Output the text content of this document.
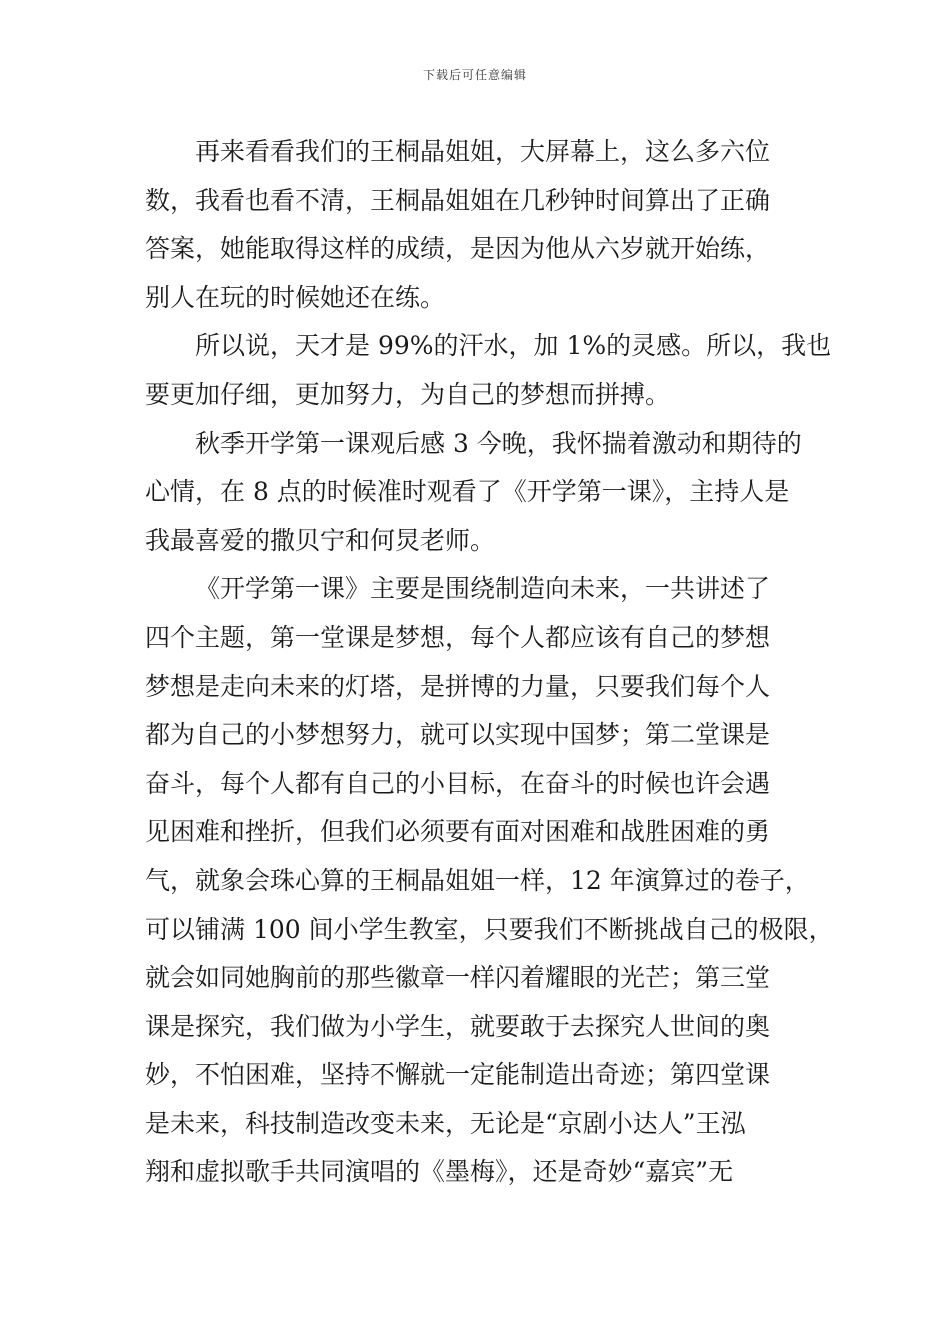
下载后可任意编辑
再来看看我们的王桐晶姐姐，大屏幕上，这么多六位
数，我看也看不清，王桐晶姐姐在几秒钟时间算出了正确
答案，她能取得这样的成绩，是因为他从六岁就开始练，
别人在玩的时候她还在练。
所以说，天才是 99%的汗水，加 1%的灵感。所以，我也
要更加仔细，更加努力，为自己的梦想而拼搏。
秋季开学第一课观后感 3 今晚，我怀揣着激动和期待的
心情，在 8 点的时候准时观看了《开学第一课》，主持人是
我最喜爱的撒贝宁和何炅老师。
《开学第一课》主要是围绕制造向未来，一共讲述了
四个主题，第一堂课是梦想，每个人都应该有自己的梦想
梦想是走向未来的灯塔，是拼博的力量，只要我们每个人
都为自己的小梦想努力，就可以实现中国梦；第二堂课是
奋斗，每个人都有自己的小目标，在奋斗的时候也许会遇
见困难和挫折，但我们必须要有面对困难和战胜困难的勇
气，就象会珠心算的王桐晶姐姐一样，12 年演算过的卷子，
可以铺满 100 间小学生教室，只要我们不断挑战自己的极限，
就会如同她胸前的那些徽章一样闪着耀眼的光芒；第三堂
课是探究，我们做为小学生，就要敢于去探究人世间的奥
妙，不怕困难，坚持不懈就一定能制造出奇迹；第四堂课
是未来，科技制造改变未来，无论是“京剧小达人”王泓
翔和虚拟歌手共同演唱的《墨梅》，还是奇妙“嘉宾”无
